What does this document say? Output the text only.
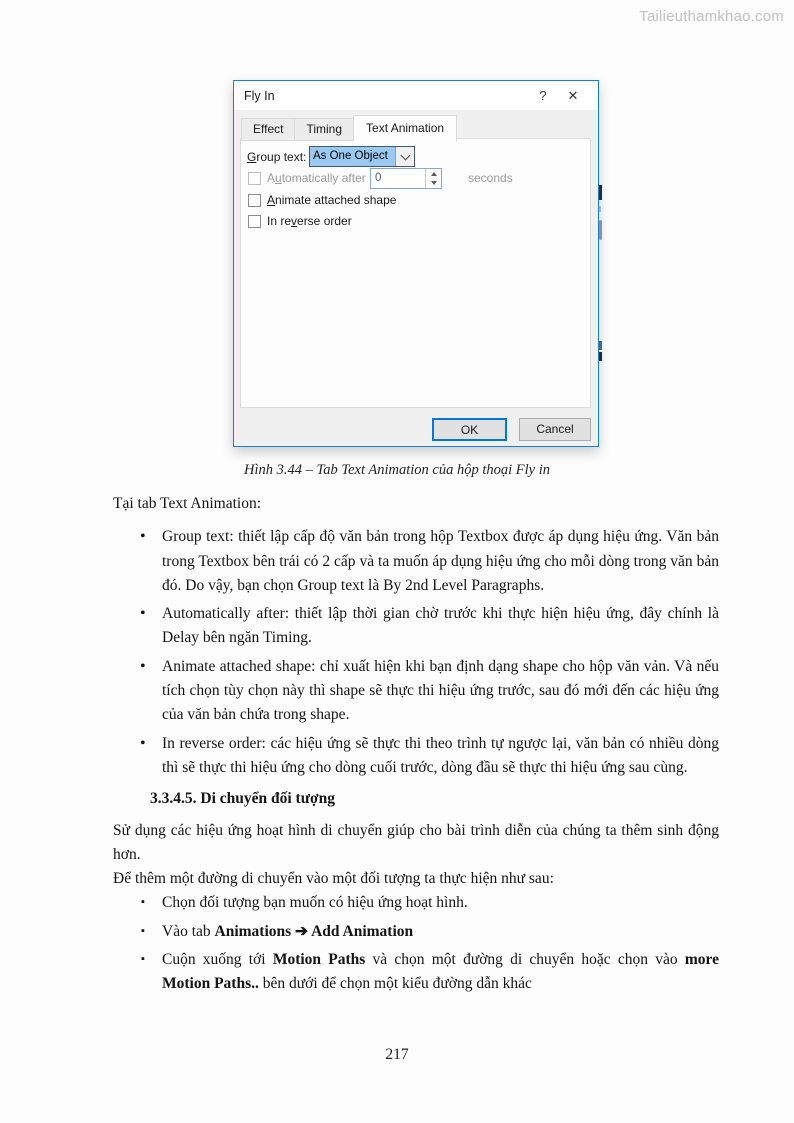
Tailieuthamkhao.com
Fly In	?	✕
Effect	Timing	Text Animation
Group text: As One Object
Automatically after 0	seconds
Animate attached shape
In reverse order
OK	Cancel
Hình 3.44 – Tab Text Animation của hộp thoại Fly in

Tại tab Text Animation:

• Group text: thiết lập cấp độ văn bản trong hộp Textbox được áp dụng hiệu ứng. Văn bản trong Textbox bên trái có 2 cấp và ta muốn áp dụng hiệu ứng cho mỗi dòng trong văn bản đó. Do vậy, bạn chọn Group text là By 2nd Level Paragraphs.
• Automatically after: thiết lập thời gian chờ trước khi thực hiện hiệu ứng, đây chính là Delay bên ngăn Timing.
• Animate attached shape: chỉ xuất hiện khi bạn định dạng shape cho hộp văn vản. Và nếu tích chọn tùy chọn này thì shape sẽ thực thi hiệu ứng trước, sau đó mới đến các hiệu ứng của văn bản chứa trong shape.
• In reverse order: các hiệu ứng sẽ thực thi theo trình tự ngược lại, văn bản có nhiều dòng thì sẽ thực thi hiệu ứng cho dòng cuối trước, dòng đầu sẽ thực thi hiệu ứng sau cùng.
3.3.4.5. Di chuyển đối tượng

Sử dụng các hiệu ứng hoạt hình di chuyển giúp cho bài trình diễn của chúng ta thêm sinh động hơn.

Để thêm một đường di chuyển vào một đối tượng ta thực hiện như sau:

▪ Chọn đối tượng bạn muốn có hiệu ứng hoạt hình.
▪ Vào tab Animations ➔ Add Animation
▪ Cuộn xuống tới Motion Paths và chọn một đường di chuyển hoặc chọn vào more Motion Paths.. bên dưới để chọn một kiểu đường dẫn khác
217
